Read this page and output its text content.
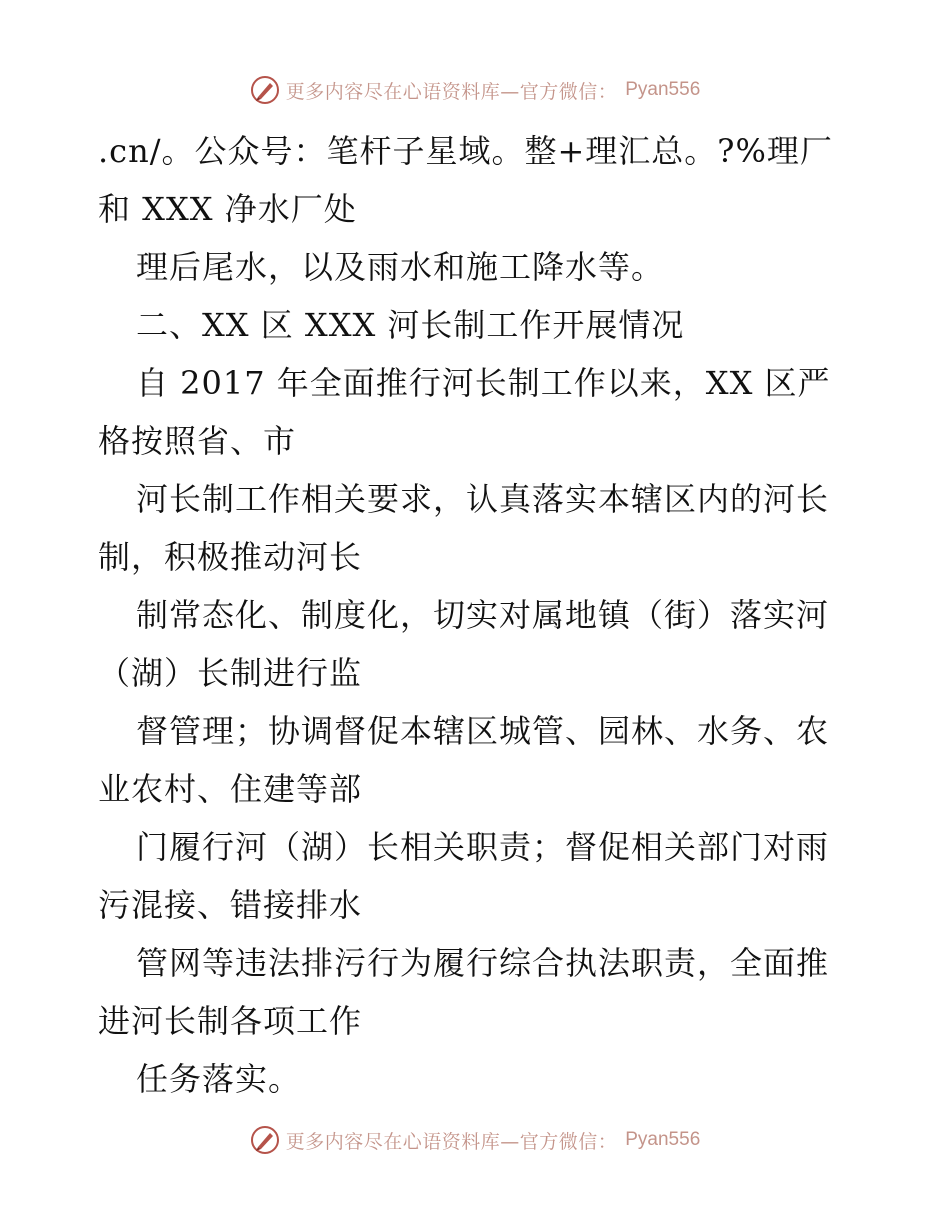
更多内容尽在心语资料库—官方微信： Pyan556
.cn/。公众号：笔杆子星域。整+理汇总。?%理厂
和 XXX 净水厂处
理后尾水，以及雨水和施工降水等。
二、XX 区 XXX 河长制工作开展情况
自 2017 年全面推行河长制工作以来，XX 区严
格按照省、市
河长制工作相关要求，认真落实本辖区内的河长
制，积极推动河长
制常态化、制度化，切实对属地镇（街）落实河
（湖）长制进行监
督管理；协调督促本辖区城管、园林、水务、农
业农村、住建等部
门履行河（湖）长相关职责；督促相关部门对雨
污混接、错接排水
管网等违法排污行为履行综合执法职责，全面推
进河长制各项工作
任务落实。
更多内容尽在心语资料库—官方微信： Pyan556
